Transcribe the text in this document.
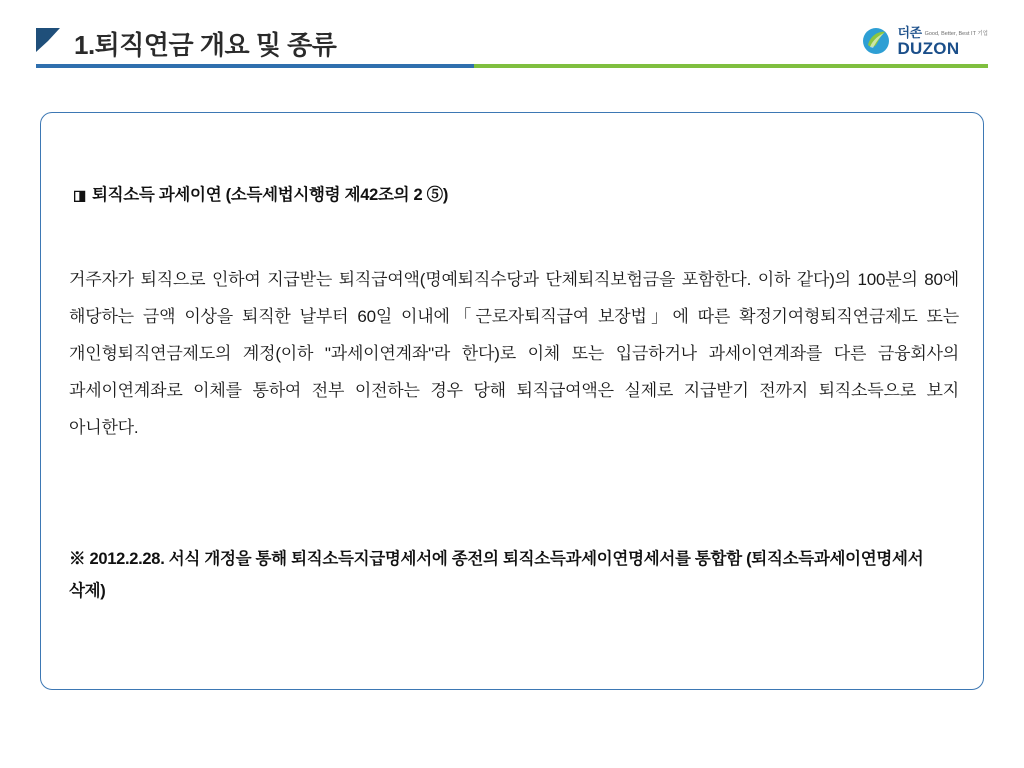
1.퇴직연금 개요 및 종류	더존 Good, Better, Best IT 기업
DUZON
◨ 퇴직소득 과세이연 (소득세법시행령 제42조의 2 ⑤)
거주자가 퇴직으로 인하여 지급받는 퇴직급여액(명예퇴직수당과 단체퇴직보험금을 포함한다. 이하 같다)의 100분의 80에 해당하는 금액 이상을 퇴직한 날부터 60일 이내에「근로자퇴직급여 보장법」에 따른 확정기여형퇴직연금제도 또는 개인형퇴직연금제도의 계정(이하 "과세이연계좌"라 한다)로 이체 또는 입금하거나 과세이연계좌를 다른 금융회사의 과세이연계좌로 이체를 통하여 전부 이전하는 경우 당해 퇴직급여액은 실제로 지급받기 전까지 퇴직소득으로 보지 아니한다.
※ 2012.2.28. 서식 개정을 통해 퇴직소득지급명세서에 종전의 퇴직소득과세이연명세서를 통합함 (퇴직소득과세이연명세서 삭제)
